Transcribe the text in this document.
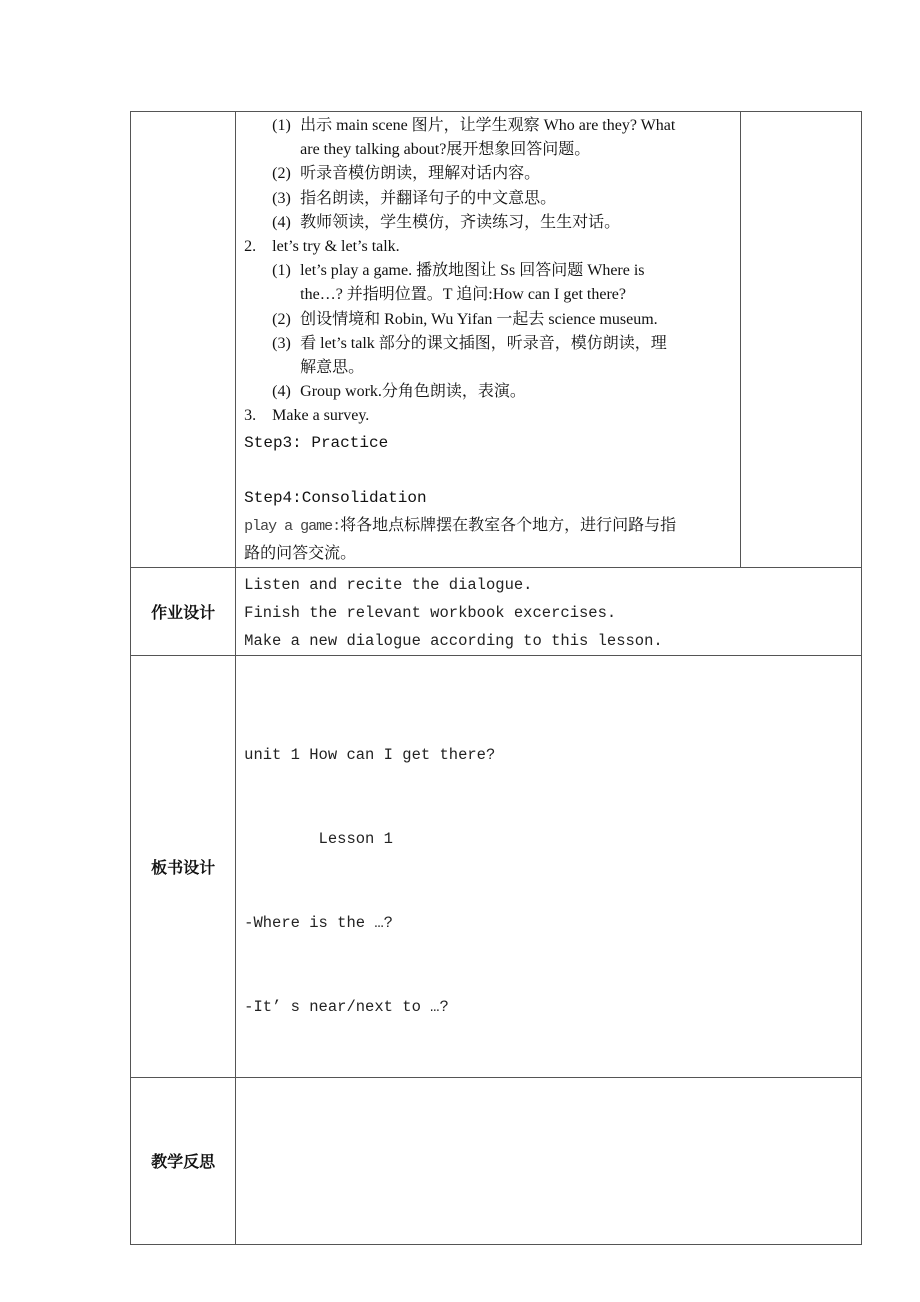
(1) 出示 main scene 图片，让学生观察 Who are they? What
are they talking about?展开想象回答问题。
(2) 听录音模仿朗读，理解对话内容。
(3) 指名朗读，并翻译句子的中文意思。
(4) 教师领读，学生模仿，齐读练习，生生对话。
2.	let’s try & let’s talk.
(1) let’s play a game. 播放地图让 Ss 回答问题 Where is
the…? 并指明位置。T 追问:How can I get there?
(2) 创设情境和 Robin, Wu Yifan 一起去 science museum.
(3) 看 let’s talk 部分的课文插图，听录音，模仿朗读，理
解意思。
(4) Group work.分角色朗读，表演。
3.	Make a survey.
Step3: Practice
Step4:Consolidation
play a game:将各地点标牌摆在教室各个地方，进行问路与指
路的问答交流。

作业设计	Listen and recite the dialogue.
Finish the relevant workbook excercises.
Make a new dialogue according to this lesson.	

板书设计	unit 1 How can I get there?

Lesson 1

-Where is the …?

-It’ s near/next to …?	

教学反思		
